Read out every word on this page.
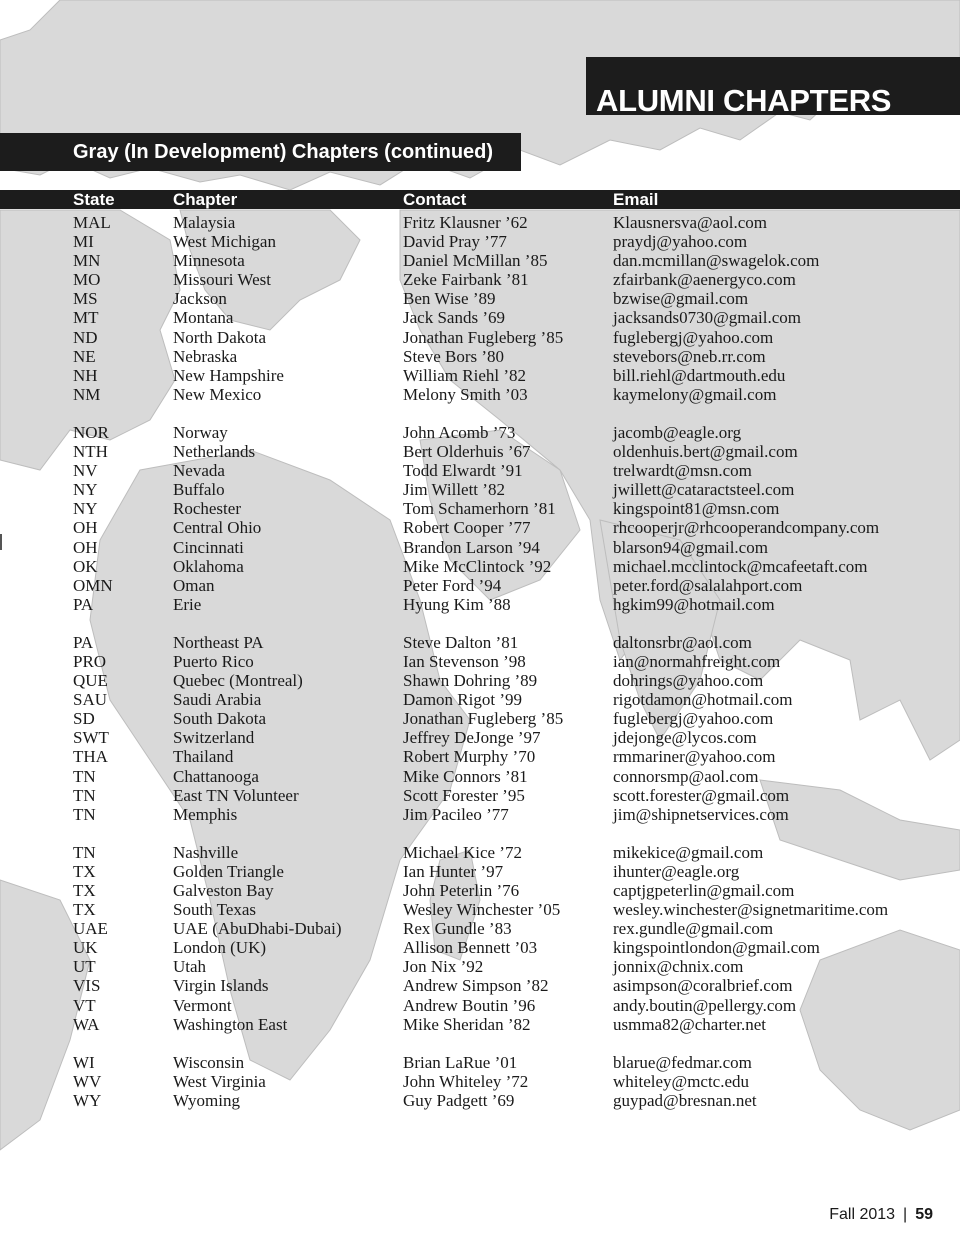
ALUMNI CHAPTERS
Gray (In Development) Chapters (continued)
State	Chapter	Contact	Email
MAL	Malaysia	Fritz Klausner ’62	Klausnersva@aol.com
MI	West Michigan	David Pray ’77	praydj@yahoo.com
MN	Minnesota	Daniel McMillan ’85	dan.mcmillan@swagelok.com
MO	Missouri West	Zeke Fairbank ’81	zfairbank@aenergyco.com
MS	Jackson	Ben Wise ’89	bzwise@gmail.com
MT	Montana	Jack Sands ’69	jacksands0730@gmail.com
ND	North Dakota	Jonathan Fugleberg ’85	fuglebergj@yahoo.com
NE	Nebraska	Steve Bors ’80	stevebors@neb.rr.com
NH	New Hampshire	William Riehl ’82	bill.riehl@dartmouth.edu
NM	New Mexico	Melony Smith ’03	kaymelony@gmail.com
NOR	Norway	John Acomb ’73	jacomb@eagle.org
NTH	Netherlands	Bert Olderhuis ’67	oldenhuis.bert@gmail.com
NV	Nevada	Todd Elwardt ’91	trelwardt@msn.com
NY	Buffalo	Jim Willett ’82	jwillett@cataractsteel.com
NY	Rochester	Tom Schamerhorn ’81	kingspoint81@msn.com
OH	Central Ohio	Robert Cooper ’77	rhcooperjr@rhcooperandcompany.com
OH	Cincinnati	Brandon Larson ’94	blarson94@gmail.com
OK	Oklahoma	Mike McClintock ’92	michael.mcclintock@mcafeetaft.com
OMN	Oman	Peter Ford ’94	peter.ford@salalahport.com
PA	Erie	Hyung Kim ’88	hgkim99@hotmail.com
PA	Northeast PA	Steve Dalton ’81	daltonsrbr@aol.com
PRO	Puerto Rico	Ian Stevenson ’98	ian@normahfreight.com
QUE	Quebec (Montreal)	Shawn Dohring ’89	dohrings@yahoo.com
SAU	Saudi Arabia	Damon Rigot ’99	rigotdamon@hotmail.com
SD	South Dakota	Jonathan Fugleberg ’85	fuglebergj@yahoo.com
SWT	Switzerland	Jeffrey DeJonge ’97	jdejonge@lycos.com
THA	Thailand	Robert Murphy ’70	rmmariner@yahoo.com
TN	Chattanooga	Mike Connors ’81	connorsmp@aol.com
TN	East TN Volunteer	Scott Forester ’95	scott.forester@gmail.com
TN	Memphis	Jim Pacileo ’77	jim@shipnetservices.com
TN	Nashville	Michael Kice ’72	mikekice@gmail.com
TX	Golden Triangle	Ian Hunter ’97	ihunter@eagle.org
TX	Galveston Bay	John Peterlin ’76	captjgpeterlin@gmail.com
TX	South Texas	Wesley Winchester ’05	wesley.winchester@signetmaritime.com
UAE	UAE (AbuDhabi-Dubai)	Rex Gundle ’83	rex.gundle@gmail.com
UK	London (UK)	Allison Bennett ’03	kingspointlondon@gmail.com
UT	Utah	Jon Nix ’92	jonnix@chnix.com
VIS	Virgin Islands	Andrew Simpson ’82	asimpson@coralbrief.com
VT	Vermont	Andrew Boutin ’96	andy.boutin@pellergy.com
WA	Washington East	Mike Sheridan ’82	usmma82@charter.net
WI	Wisconsin	Brian LaRue ’01	blarue@fedmar.com
WV	West Virginia	John Whiteley ’72	whiteley@mctc.edu
WY	Wyoming	Guy Padgett ’69	guypad@bresnan.net
Fall 2013 | 59
